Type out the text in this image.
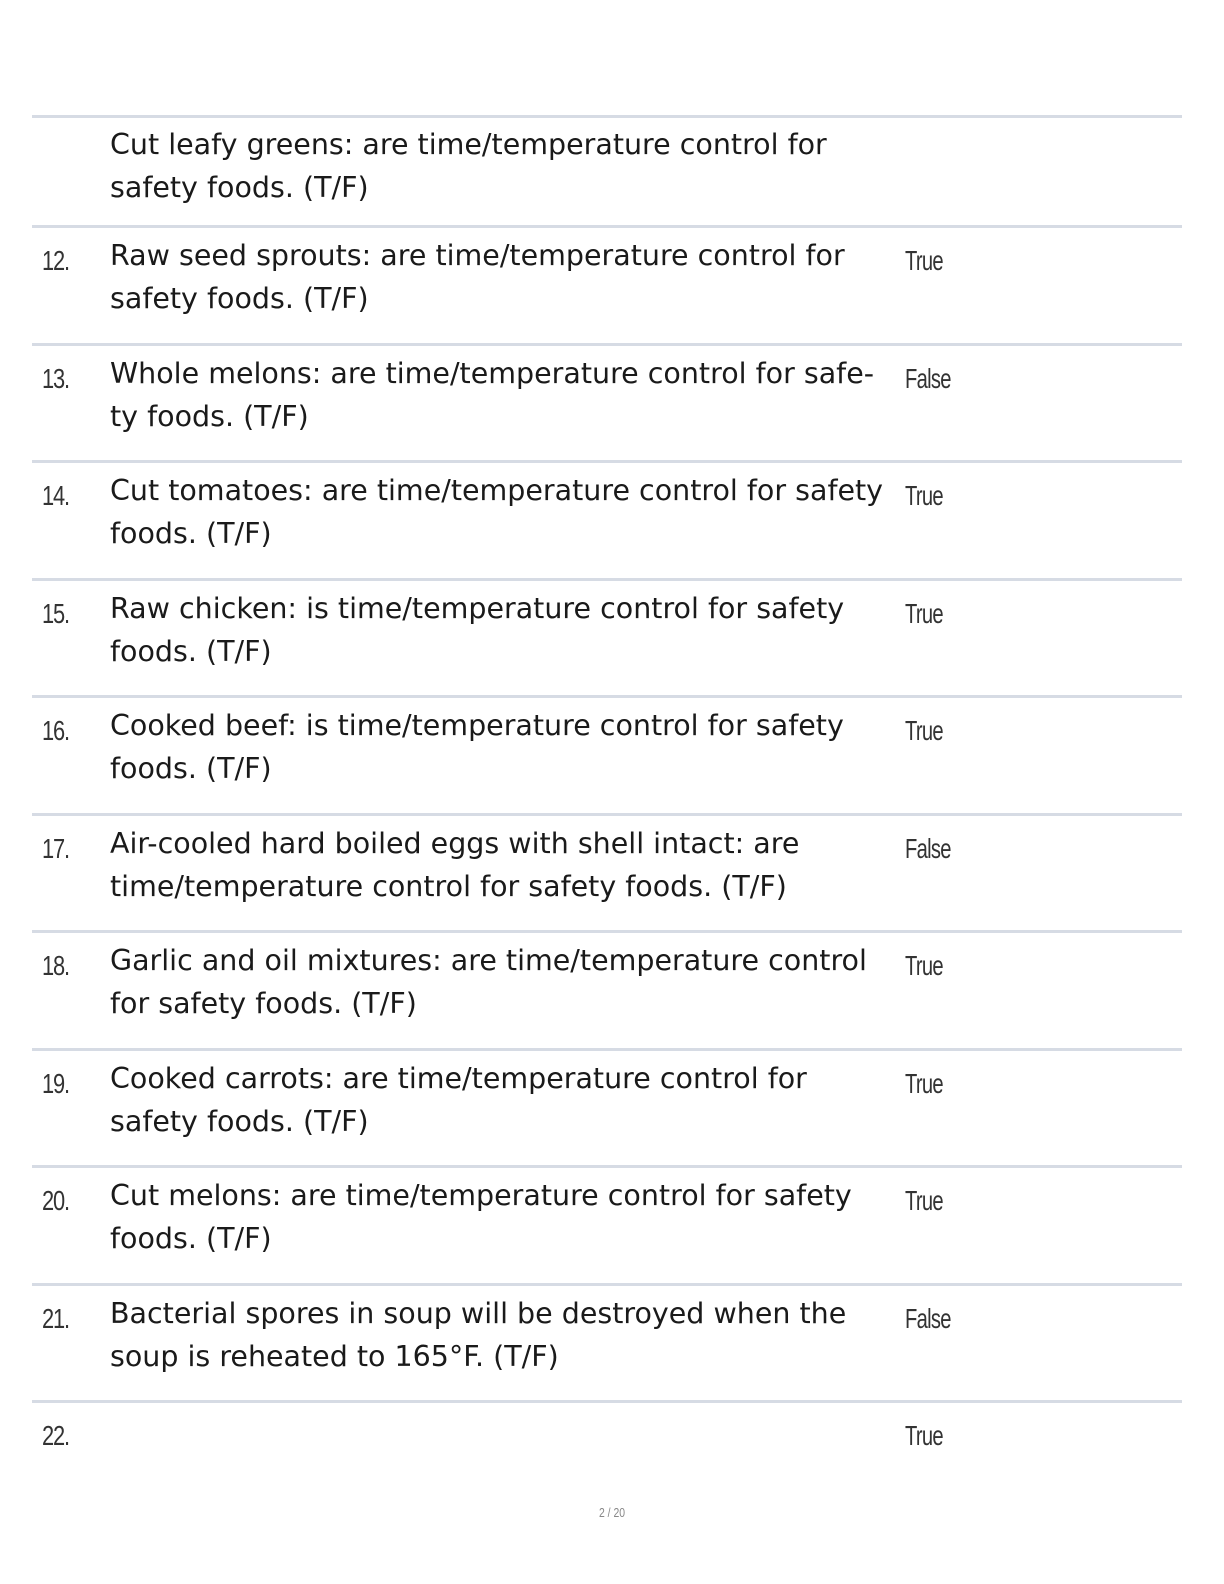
Cut leafy greens: are time/temperature control for safety foods. (T/F)
12. Raw seed sprouts: are time/temperature control for safety foods. (T/F)
True
13. Whole melons: are time/temperature control for safe-ty foods. (T/F)
False
14. Cut tomatoes: are time/temperature control for safety foods. (T/F)
True
15. Raw chicken: is time/temperature control for safety foods. (T/F)
True
16. Cooked beef: is time/temperature control for safety foods. (T/F)
True
17. Air-cooled hard boiled eggs with shell intact: are time/temperature control for safety foods. (T/F)
False
18. Garlic and oil mixtures: are time/temperature control for safety foods. (T/F)
True
19. Cooked carrots: are time/temperature control for safety foods. (T/F)
True
20. Cut melons: are time/temperature control for safety foods. (T/F)
True
21. Bacterial spores in soup will be destroyed when the soup is reheated to 165°F. (T/F)
False
22.	True
2 / 20
